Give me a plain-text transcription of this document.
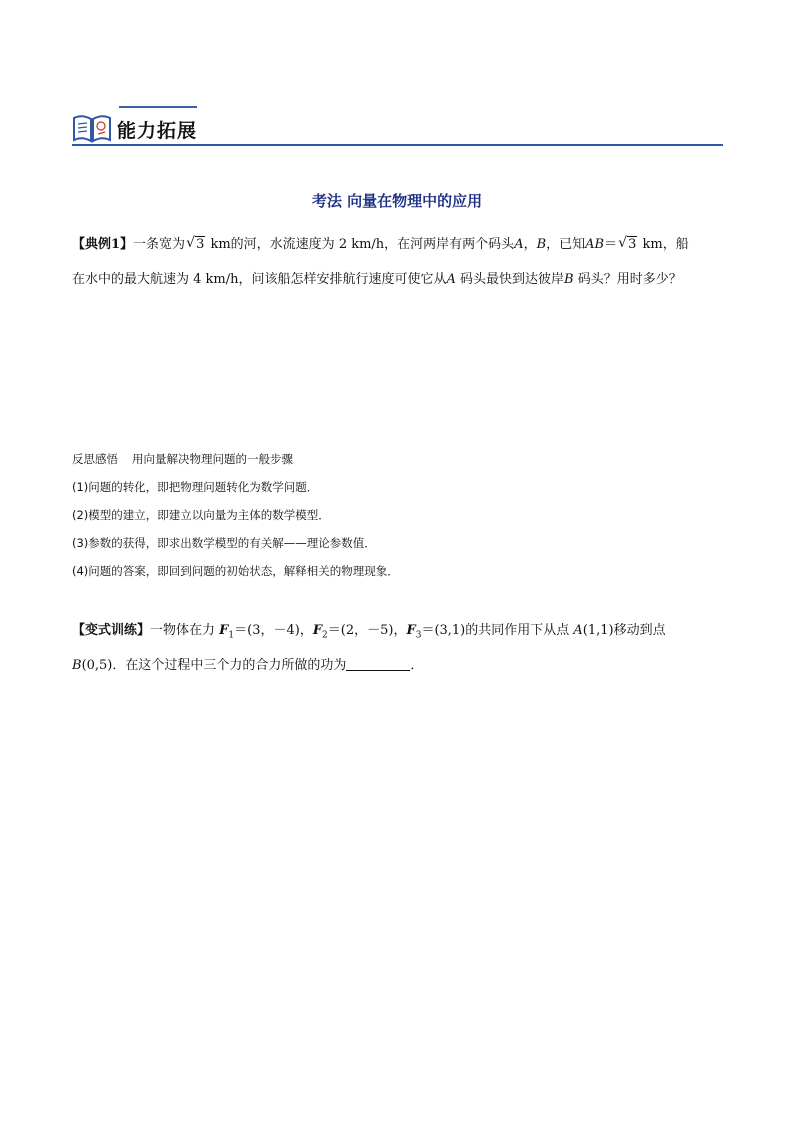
能力拓展
考法 向量在物理中的应用
【典例1】一条宽为 √ 3 km的河，水流速度为 2 km/h，在河两岸有两个码头A，B，已知AB＝ √ 3 km，船
在水中的最大航速为 4 km/h，问该船怎样安排航行速度可使它从A 码头最快到达彼岸B 码头？用时多少？
反思感悟 用向量解决物理问题的一般步骤
(1)问题的转化，即把物理问题转化为数学问题．
(2)模型的建立，即建立以向量为主体的数学模型．
(3)参数的获得，即求出数学模型的有关解——理论参数值．
(4)问题的答案，即回到问题的初始状态，解释相关的物理现象．
【变式训练】一物体在力 $F_1=(3$，－4)，$F_2=(2$，－5)，$F_3=(3,1)$的共同作用下从点 A(1,1)移动到点
B(0,5)．在这个过程中三个力的合力所做的功为	．
